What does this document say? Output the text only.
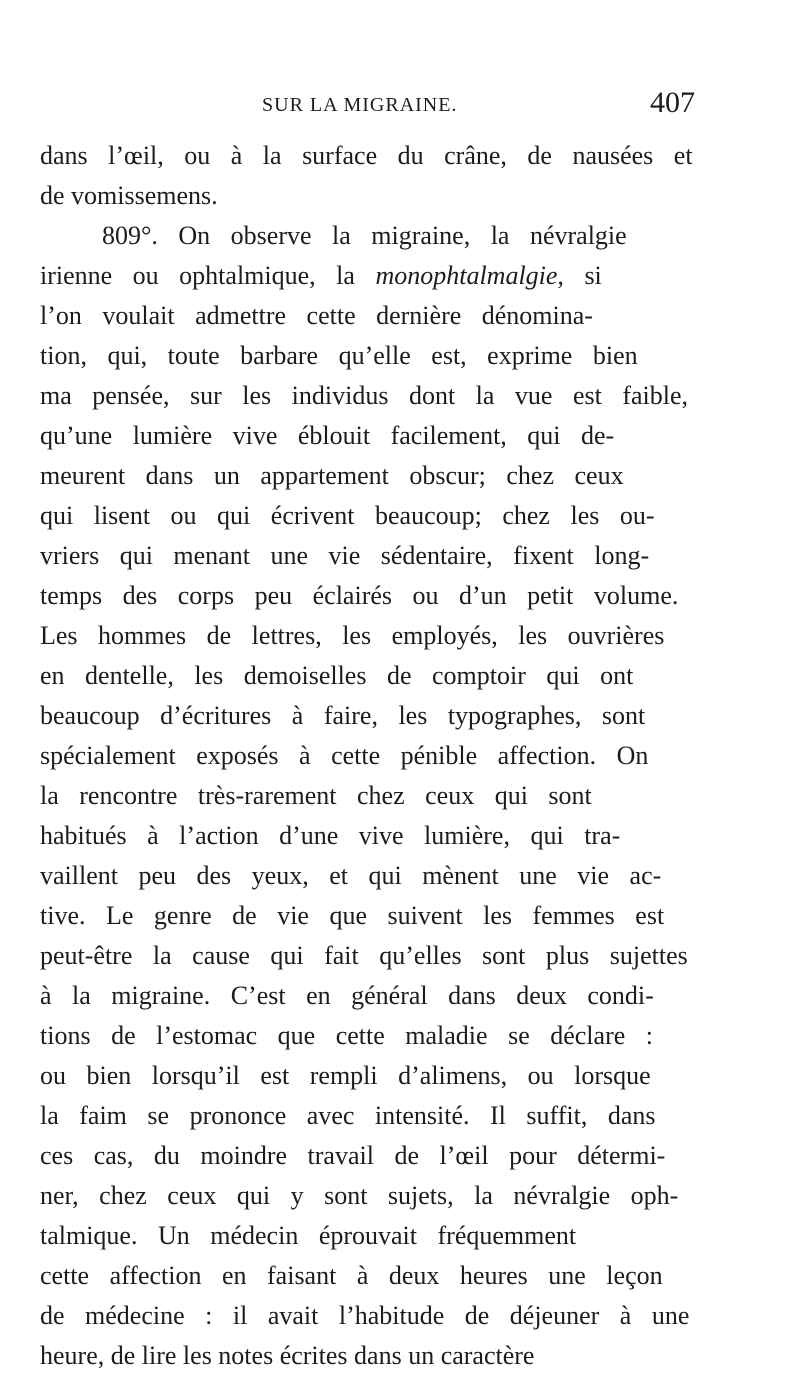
SUR LA MIGRAINE.	407
dans l’œil, ou à la surface du crâne, de nausées et
de vomissemens.
809°. On observe la migraine, la névralgie
irienne ou ophtalmique, la monophtalmalgie, si
l’on voulait admettre cette dernière dénomina-
tion, qui, toute barbare qu’elle est, exprime bien
ma pensée, sur les individus dont la vue est faible,
qu’une lumière vive éblouit facilement, qui de-
meurent dans un appartement obscur; chez ceux
qui lisent ou qui écrivent beaucoup; chez les ou-
vriers qui menant une vie sédentaire, fixent long-
temps des corps peu éclairés ou d’un petit volume.
Les hommes de lettres, les employés, les ouvrières
en dentelle, les demoiselles de comptoir qui ont
beaucoup d’écritures à faire, les typographes, sont
spécialement exposés à cette pénible affection. On
la rencontre très-rarement chez ceux qui sont
habitués à l’action d’une vive lumière, qui tra-
vaillent peu des yeux, et qui mènent une vie ac-
tive. Le genre de vie que suivent les femmes est
peut-être la cause qui fait qu’elles sont plus sujettes
à la migraine. C’est en général dans deux condi-
tions de l’estomac que cette maladie se déclare :
ou bien lorsqu’il est rempli d’alimens, ou lorsque
la faim se prononce avec intensité. Il suffit, dans
ces cas, du moindre travail de l’œil pour détermi-
ner, chez ceux qui y sont sujets, la névralgie oph-
talmique. Un médecin éprouvait fréquemment
cette affection en faisant à deux heures une leçon
de médecine : il avait l’habitude de déjeuner à une
heure, de lire les notes écrites dans un caractère
